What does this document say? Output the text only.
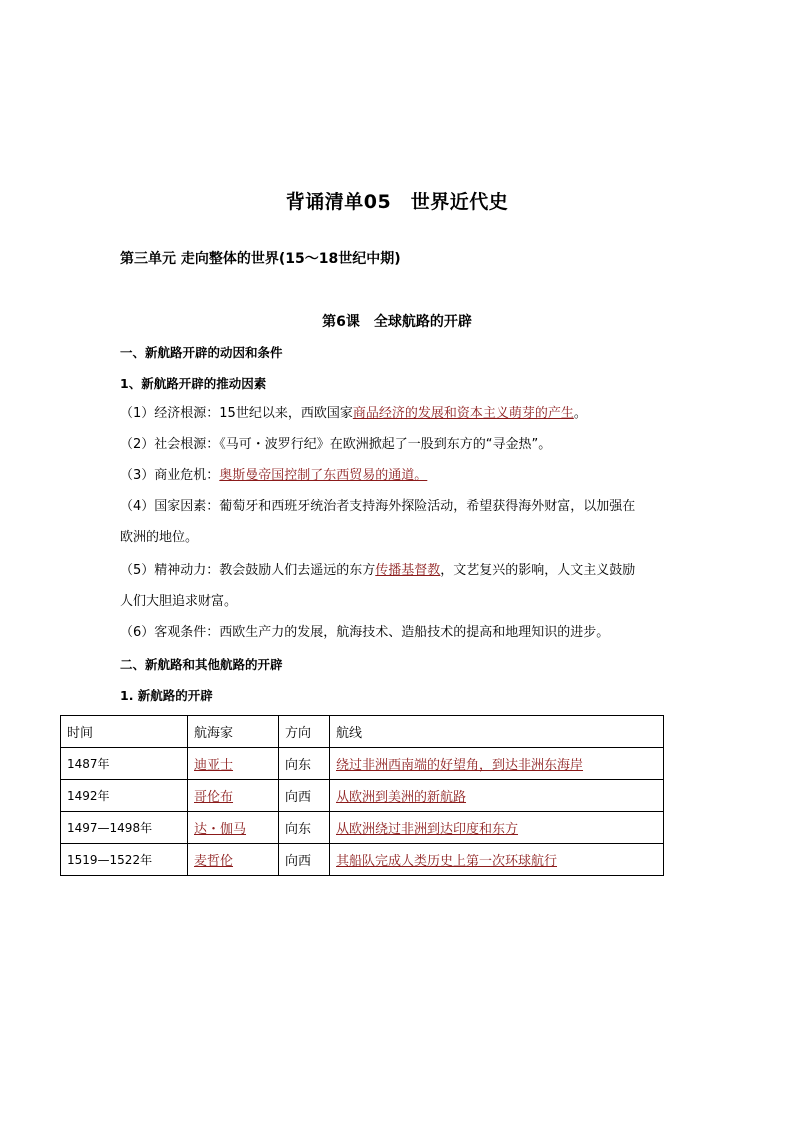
背诵清单05　世界近代史
第三单元 走向整体的世界(15～18世纪中期)
第6课　全球航路的开辟
一、新航路开辟的动因和条件
1、新航路开辟的推动因素
（1）经济根源：15世纪以来，西欧国家商品经济的发展和资本主义萌芽的产生。
（2）社会根源：《马可・波罗行纪》在欧洲掀起了一股到东方的“寻金热”。
（3）商业危机：奥斯曼帝国控制了东西贸易的通道。
（4）国家因素：葡萄牙和西班牙统治者支持海外探险活动，希望获得海外财富，以加强在
欧洲的地位。
（5）精神动力：教会鼓励人们去遥远的东方传播基督教，文艺复兴的影响，人文主义鼓励
人们大胆追求财富。
（6）客观条件：西欧生产力的发展，航海技术、造船技术的提高和地理知识的进步。
二、新航路和其他航路的开辟
1. 新航路的开辟
时间	航海家	方向	航线
1487年	迪亚士	向东	绕过非洲西南端的好望角，到达非洲东海岸
1492年	哥伦布	向西	从欧洲到美洲的新航路
1497—1498年	达・伽马	向东	从欧洲绕过非洲到达印度和东方
1519—1522年	麦哲伦	向西	其船队完成人类历史上第一次环球航行
